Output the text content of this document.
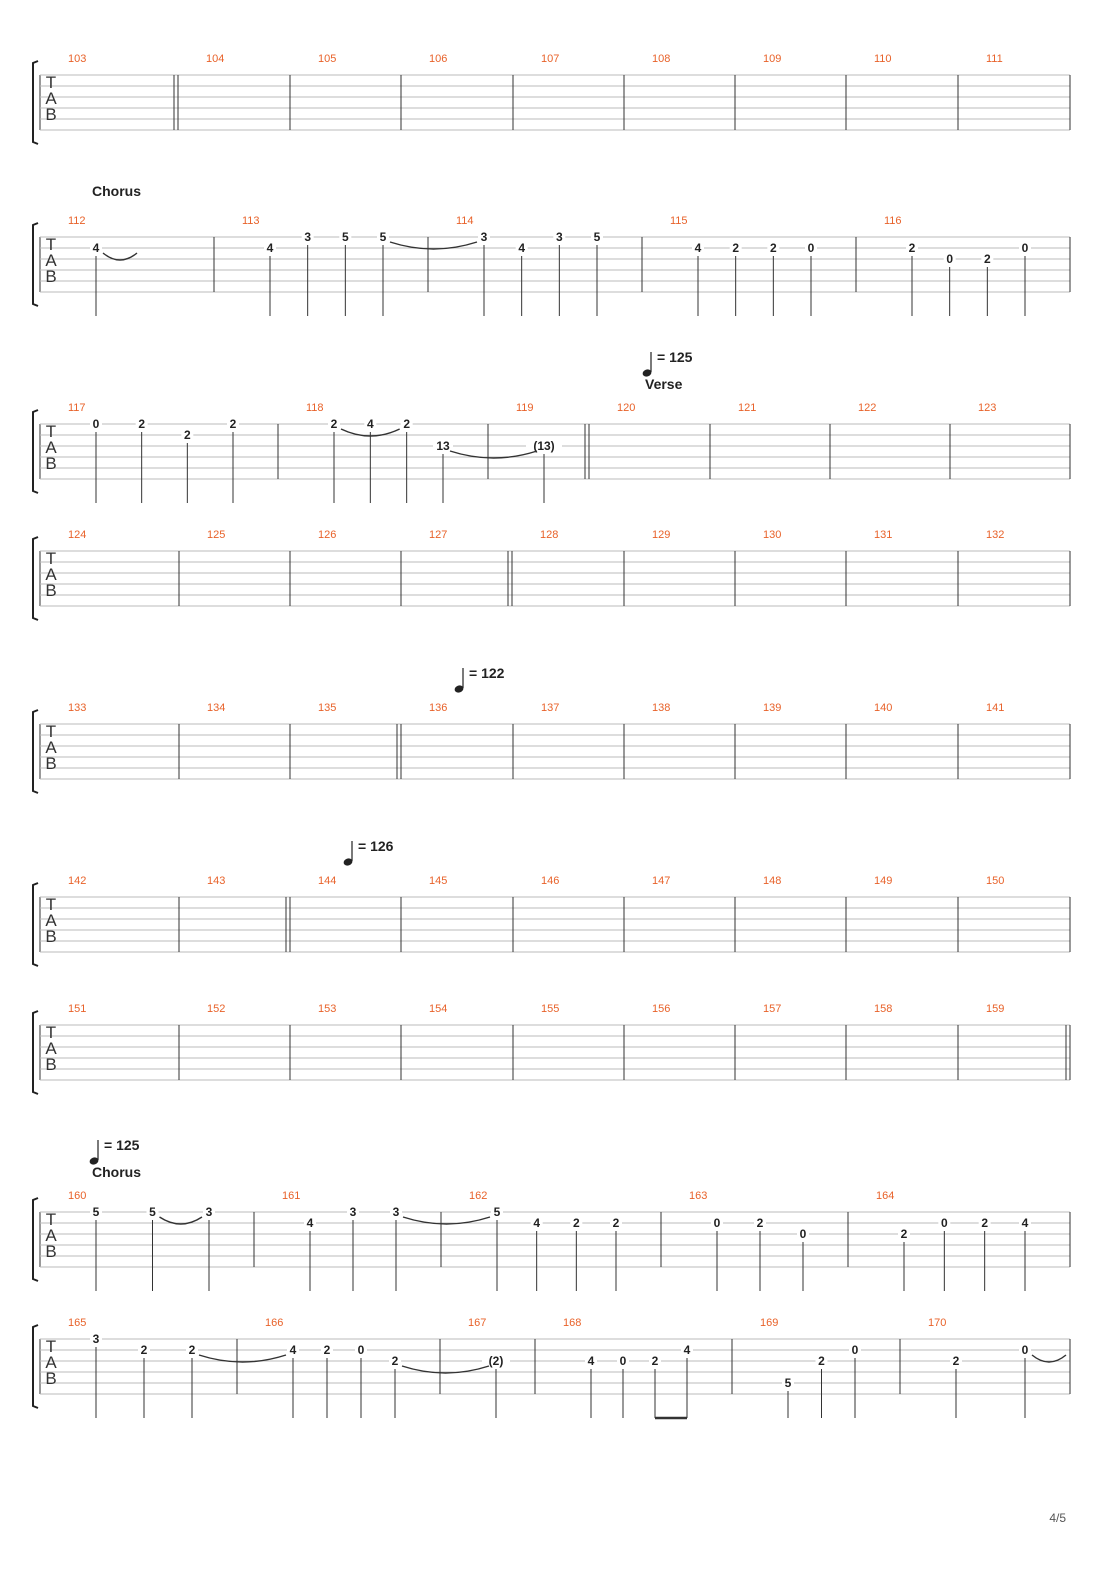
T
A
B
103	104	105	106	107	108	109	110	111
T
A
B
112
4
113
4
3	5	5
114
3
4
3	5
115
4	2	2	0
116
2
0	2
0
Chorus
T
A
B
117
0	2
2
2
118
2 4 2
13
119
(13)
120	121	122	123
= 125
Verse
T
A
B
124	125	126	127	128	129	130	131	132
T
A
B
133	134	135	136	137	138	139	140	141
= 122
T
A
B
142	143	144	145	146	147	148	149	150
= 126
T
A
B
151	152	153	154	155	156	157	158	159
T
A
B
160
5	5	3
161
4
3	3
162
5
4	2	2
163
0	2
0
164
2
0	2	4
= 125
Chorus
T
A
B
165
3
2	2
166
4 2 0
2
167
(2)
168
4 0 2
4
169
5
2
0
170
2
0
4/5
